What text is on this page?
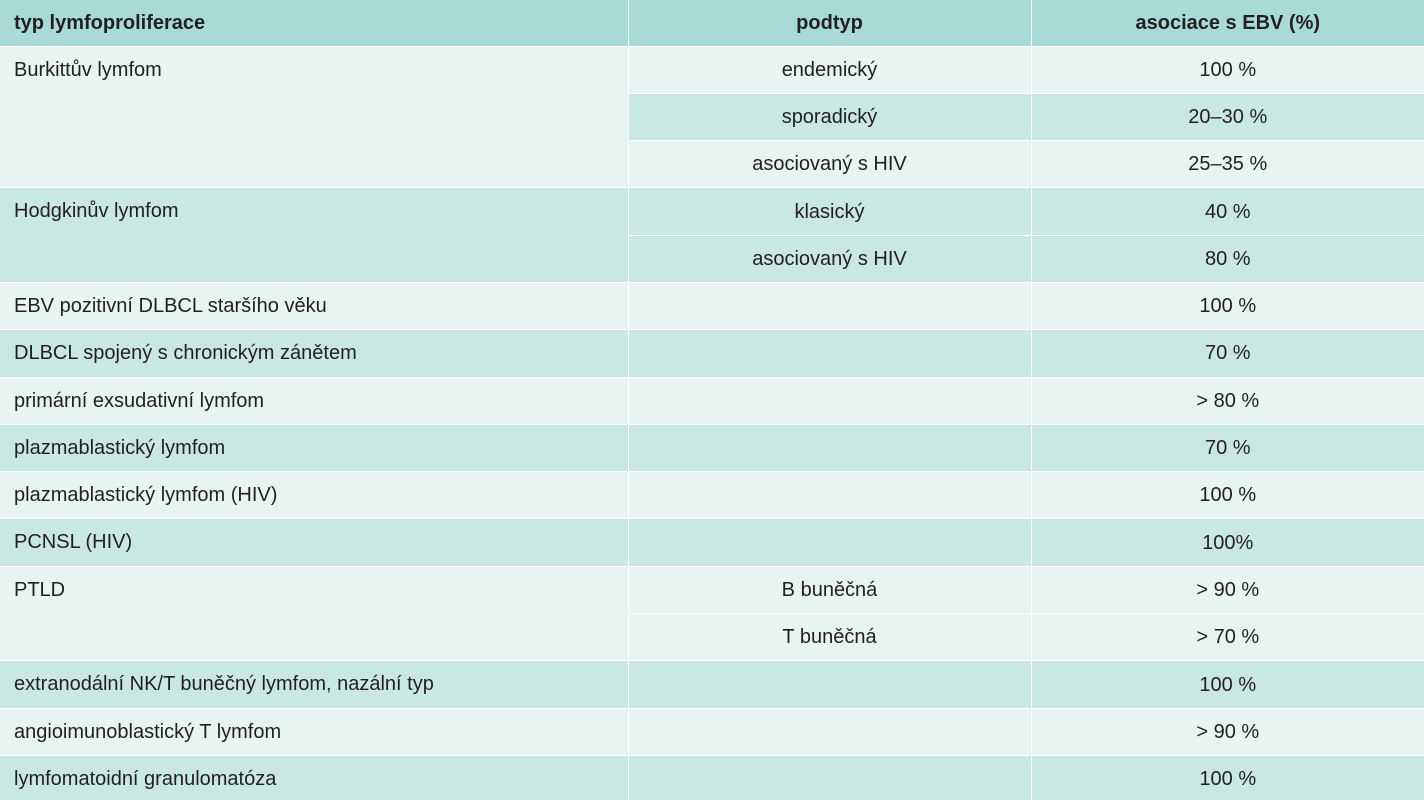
typ lymfoproliferace	podtyp	asociace s EBV (%)
Burkittův lymfom	endemický	100 %
	sporadický	20–30 %
	asociovaný s HIV	25–35 %
Hodgkinův lymfom	klasický	40 %
	asociovaný s HIV	80 %
EBV pozitivní DLBCL staršího věku		100 %
DLBCL spojený s chronickým zánětem		70 %
primární exsudativní lymfom		> 80 %
plazmablastický lymfom		70 %
plazmablastický lymfom (HIV)		100 %
PCNSL (HIV)		100%
PTLD	B buněčná	> 90 %
	T buněčná	> 70 %
extranodální NK/T buněčný lymfom, nazální typ		100 %
angioimunoblastický T lymfom		> 90 %
lymfomatoidní granulomatóza		100 %
